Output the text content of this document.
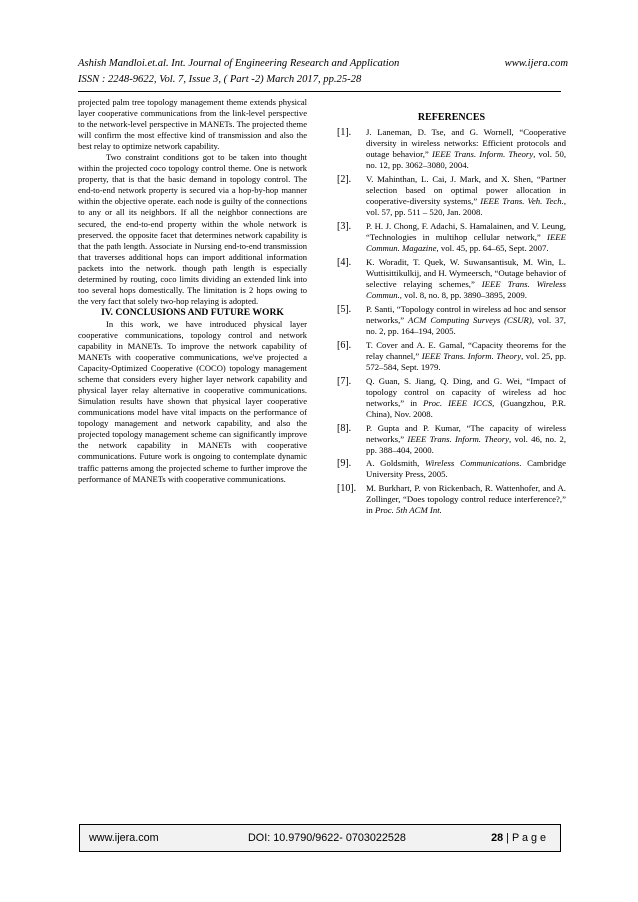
Ashish Mandloi.et.al. Int. Journal of Engineering Research and Application	www.ijera.com
ISSN : 2248-9622, Vol. 7, Issue 3, ( Part -2) March 2017, pp.25-28

projected palm tree topology management theme extends physical layer cooperative communications from the link-level perspective to the network-level perspective in MANETs. The projected theme will confirm the most effective kind of transmission and also the best relay to optimize network capability.

Two constraint conditions got to be taken into thought within the projected coco topology control theme. One is network property, that is that the basic demand in topology control. The end-to-end network property is secured via a hop-by-hop manner within the objective operate. each node is guilty of the connections to any or all its neighbors. If all the neighbor connections are secured, the end-to-end property within the whole network is preserved. the opposite facet that determines network capability is that the path length. Associate in Nursing end-to-end transmission that traverses additional hops can import additional information packets into the network. though path length is especially determined by routing, coco limits dividing an extended link into too several hops domestically. The limitation is 2 hops owing to the very fact that solely two-hop relaying is adopted.

IV. CONCLUSIONS AND FUTURE WORK

In this work, we have introduced physical layer cooperative communications, topology control and network capability in MANETs. To improve the network capability of MANETs with cooperative communications, we've projected a Capacity-Optimized Cooperative (COCO) topology management scheme that considers every higher layer network capability and physical layer relay alternative in cooperative communications. Simulation results have shown that physical layer cooperative communications model have vital impacts on the performance of topology management and network capability, and also the projected topology management scheme can significantly improve the network capability in MANETs with cooperative communications. Future work is ongoing to contemplate dynamic traffic patterns among the projected scheme to further improve the performance of MANETs with cooperative communications.

REFERENCES
[1].	J. Laneman, D. Tse, and G. Wornell, “Cooperative diversity in wireless networks: Efficient protocols and outage behavior,” IEEE Trans. Inform. Theory, vol. 50, no. 12, pp. 3062–3080, 2004.
[2].	V. Mahinthan, L. Cai, J. Mark, and X. Shen, “Partner selection based on optimal power allocation in cooperative-diversity systems,” IEEE Trans. Veh. Tech., vol. 57, pp. 511 – 520, Jan. 2008.
[3].	P. H. J. Chong, F. Adachi, S. Hamalainen, and V. Leung, “Technologies in multihop cellular network,” IEEE Commun. Magazine, vol. 45, pp. 64–65, Sept. 2007.
[4].	K. Woradit, T. Quek, W. Suwansantisuk, M. Win, L. Wuttisittikulkij, and H. Wymeersch, “Outage behavior of selective relaying schemes,” IEEE Trans. Wireless Commun., vol. 8, no. 8, pp. 3890–3895, 2009.
[5].	P. Santi, “Topology control in wireless ad hoc and sensor networks,” ACM Computing Surveys (CSUR), vol. 37, no. 2, pp. 164–194, 2005.
[6].	T. Cover and A. E. Gamal, “Capacity theorems for the relay channel,” IEEE Trans. Inform. Theory, vol. 25, pp. 572–584, Sept. 1979.
[7].	Q. Guan, S. Jiang, Q. Ding, and G. Wei, “Impact of topology control on capacity of wireless ad hoc networks,” in Proc. IEEE ICCS, (Guangzhou, P.R. China), Nov. 2008.
[8].	P. Gupta and P. Kumar, “The capacity of wireless networks,” IEEE Trans. Inform. Theory, vol. 46, no. 2, pp. 388–404, 2000.
[9].	A. Goldsmith, Wireless Communications. Cambridge University Press, 2005.
[10].	M. Burkhart, P. von Rickenbach, R. Wattenhofer, and A. Zollinger, “Does topology control reduce interference?,” in Proc. 5th ACM Int.
www.ijera.com	DOI: 10.9790/9622- 0703022528	28 | P a g e
